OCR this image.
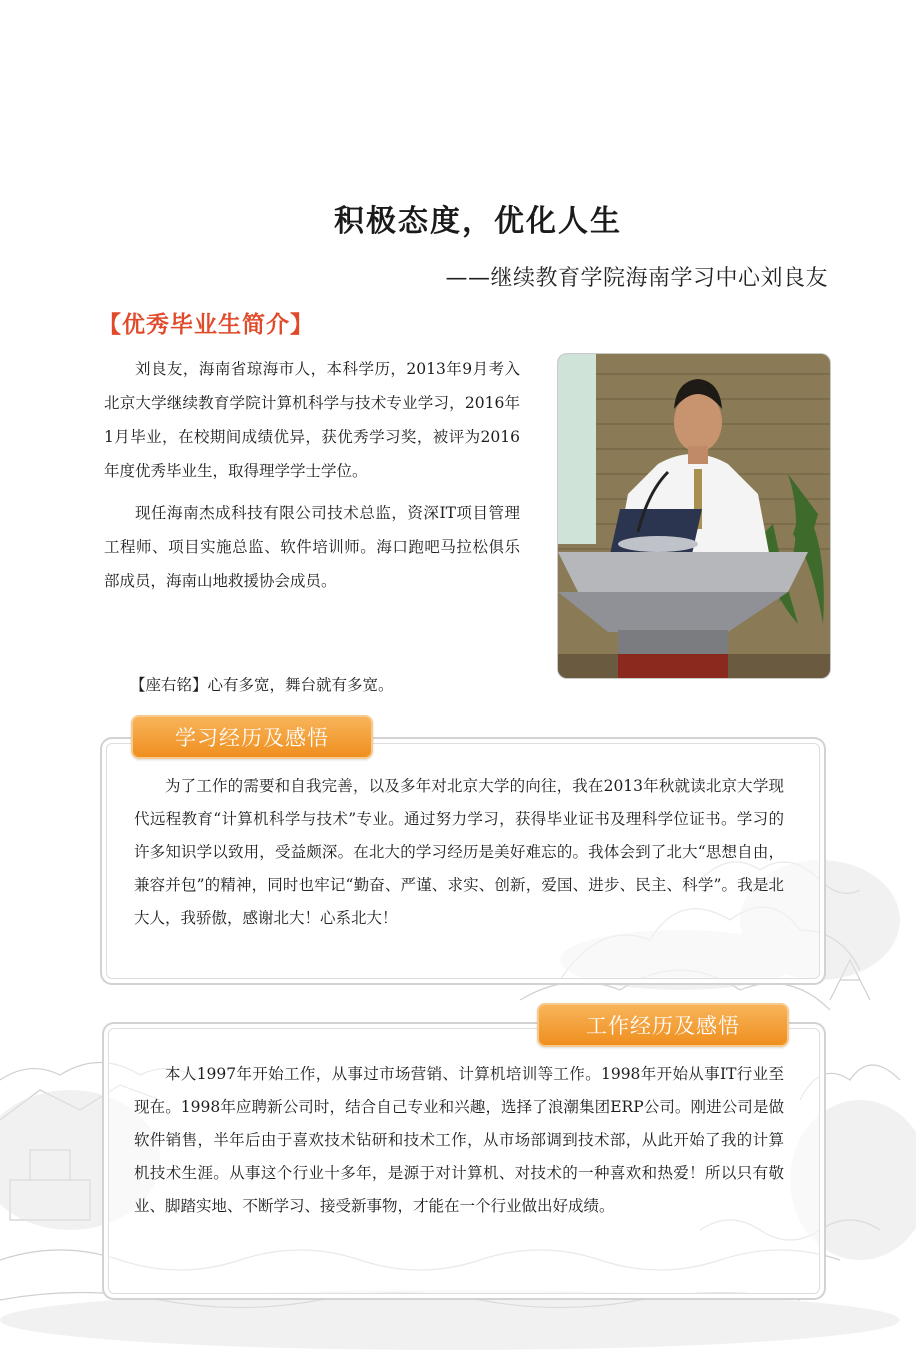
积极态度，优化人生
——继续教育学院海南学习中心刘良友
【优秀毕业生简介】

刘良友，海南省琼海市人，本科学历，2013年9月考入北京大学继续教育学院计算机科学与技术专业学习，2016年1月毕业，在校期间成绩优异，获优秀学习奖，被评为2016年度优秀毕业生，取得理学学士学位。

现任海南杰成科技有限公司技术总监，资深IT项目管理工程师、项目实施总监、软件培训师。海口跑吧马拉松俱乐部成员，海南山地救援协会成员。

【座右铭】心有多宽，舞台就有多宽。
学习经历及感悟

为了工作的需要和自我完善，以及多年对北京大学的向往，我在2013年秋就读北京大学现代远程教育“计算机科学与技术”专业。通过努力学习，获得毕业证书及理科学位证书。学习的许多知识学以致用，受益颇深。在北大的学习经历是美好难忘的。我体会到了北大“思想自由，兼容并包”的精神，同时也牢记“勤奋、严谨、求实、创新，爱国、进步、民主、科学”。我是北大人，我骄傲，感谢北大！心系北大！

工作经历及感悟

本人1997年开始工作，从事过市场营销、计算机培训等工作。1998年开始从事IT行业至现在。1998年应聘新公司时，结合自己专业和兴趣，选择了浪潮集团ERP公司。刚进公司是做软件销售，半年后由于喜欢技术钻研和技术工作，从市场部调到技术部，从此开始了我的计算机技术生涯。从事这个行业十多年，是源于对计算机、对技术的一种喜欢和热爱！所以只有敬业、脚踏实地、不断学习、接受新事物，才能在一个行业做出好成绩。
